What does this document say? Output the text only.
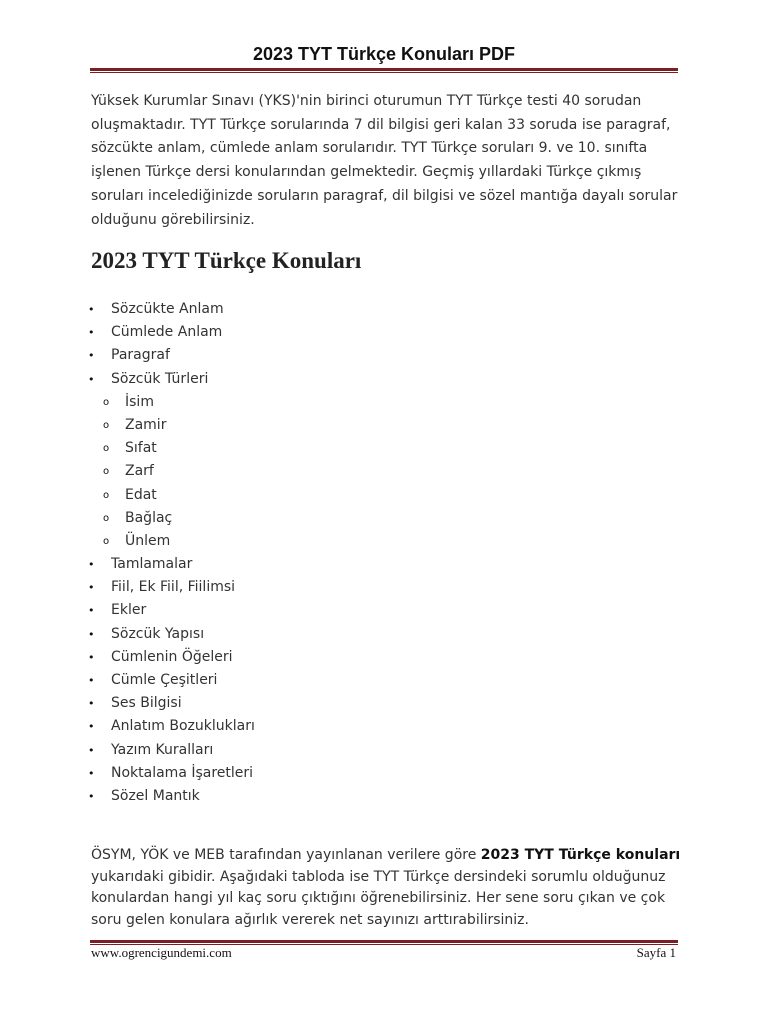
2023 TYT Türkçe Konuları PDF

Yüksek Kurumlar Sınavı (YKS)'nin birinci oturumun TYT Türkçe testi 40 sorudan oluşmaktadır. TYT Türkçe sorularında 7 dil bilgisi geri kalan 33 soruda ise paragraf, sözcükte anlam, cümlede anlam sorularıdır. TYT Türkçe soruları 9. ve 10. sınıfta işlenen Türkçe dersi konularından gelmektedir. Geçmiş yıllardaki Türkçe çıkmış soruları incelediğinizde soruların paragraf, dil bilgisi ve sözel mantığa dayalı sorular olduğunu görebilirsiniz.

2023 TYT Türkçe Konuları
• Sözcükte Anlam
• Cümlede Anlam
• Paragraf
• Sözcük Türleri
o İsim
o Zamir
o Sıfat
o Zarf
o Edat
o Bağlaç
o Ünlem
• Tamlamalar
• Fiil, Ek Fiil, Fiilimsi
• Ekler
• Sözcük Yapısı
• Cümlenin Öğeleri
• Cümle Çeşitleri
• Ses Bilgisi
• Anlatım Bozuklukları
• Yazım Kuralları
• Noktalama İşaretleri
• Sözel Mantık

ÖSYM, YÖK ve MEB tarafından yayınlanan verilere göre 2023 TYT Türkçe konuları yukarıdaki gibidir. Aşağıdaki tabloda ise TYT Türkçe dersindeki sorumlu olduğunuz konulardan hangi yıl kaç soru çıktığını öğrenebilirsiniz. Her sene soru çıkan ve çok soru gelen konulara ağırlık vererek net sayınızı arttırabilirsiniz.

www.ogrencigundemi.com	Sayfa 1
